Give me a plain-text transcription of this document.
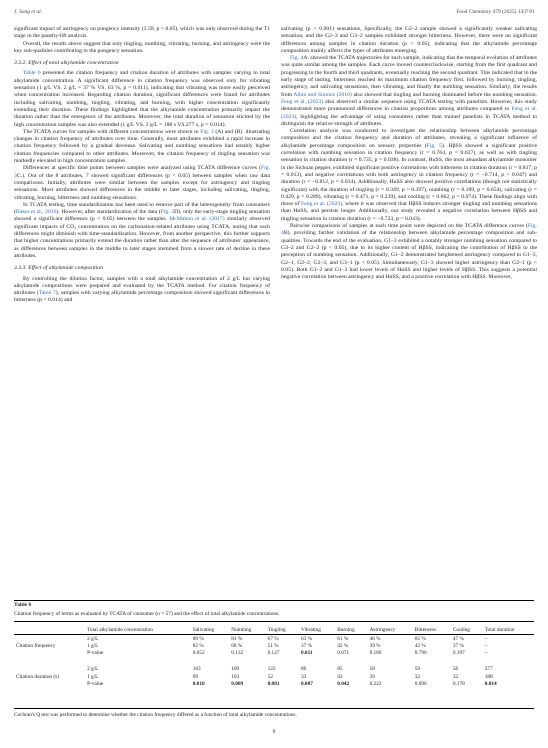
J. Song et al.	Food Chemistry 479 (2025) 143710

significant impact of astringency on pungency intensity (3.59, p < 0.05), which was only observed during the T1 stage in the panelty-lift analysis.

Overall, the results above suggest that only tingling, numbing, vibrating, burning, and astringency were the key sub-qualities contributing to the pungency sensation.

3.3.2. Effect of total alkylamide concentration

Table 6 presented the citation frequency and citation duration of attributes with samples varying in total alkylamide concentration. A significant difference in citation frequency was observed only for vibrating sensation (1 g/L VS. 2 g/L = 37 % VS. 63 %, p = 0.011), indicating that vibrating was more easily perceived when concentration increased. Regarding citation duration, significant differences were found for attributes including salivating, numbing, tingling, vibrating, and burning, with higher concentration significantly extending their duration. These findings highlighted that the alkylamide concentration primarily impact the duration rather than the emergence of the attributes. Moreover, the total duration of sensation elicited by the high concentration samples was also extended (1 g/L VS. 2 g/L = 188 s VS.277 s, p = 0.014).

The TCATA curves for samples with different concentrations were shown in Fig. 3 (A) and (B). illustrating changes in citation frequency of attributes over time. Generally, most attributes exhibited a rapid increase in citation frequency followed by a gradual decrease. Salivating and numbing sensations had notably higher citation frequencies compared to other attributes. Moreover, the citation frequency of tingling sensation was markedly elevated in high concentration samples.

Differences at specific time points between samples were analyzed using TCATA difference curves (Fig. 3C.). Out of the 8 attributes, 7 showed significant differences (p < 0.05) between samples when raw data comparisons. Initially, attributes were similar between the samples except for astringency and tingling sensations. Most attributes showed differences in the middle to later stages, including salivating, tingling, vibrating, burning, bitterness and numbing sensations.

In TCATA testing, time standardization has been used to remove part of the heterogeneity from consumers (Baker et al., 2016). However, after standardization of the data (Fig. 3D), only the early-stage tingling sensation showed a significant difference (p < 0.05) between the samples. McMahon et al. (2017) similarly observed significant impacts of CO₂ concentration on the carbonation-related attributes using TCATA, noting that such differences might diminish with time-standardization. However, from another perspective, this further supports that higher concentrations primarily extend the duration rather than alter the sequence of attributes' appearance, as differences between samples in the middle to later stages stemmed from a slower rate of decline in these attributes.

3.3.3. Effect of alkylamide composition

By controlling the dilution factor, samples with a total alkylamide concentration of 2 g/L but varying alkylamide compositions were prepared and evaluated by the TCATA method. For citation frequency of attributes (Table 7), samples with varying alkylamide percentage composition showed significant differences in bitterness (p = 0.014) and

salivating (p < 0.001) sensations, Specifically, the G2–2 sample showed a significantly weaker salivating sensation, and the G2–3 and G3–2 samples exhibited stronger bitterness. However, there were no significant differences among samples in citation duration (p > 0.05), indicating that the alkylamide percentage composition mainly affects the types of attributes emerging.

Fig. 4A. showed the TCATA trajectories for each sample, indicating that the temporal evolution of attributes was quite similar among the samples. Each curve moved counterclockwise, starting from the first quadrant and progressing to the fourth and third quadrants, eventually reaching the second quadrant. This indicated that in the early stage of tasting, bitterness reached its maximum citation frequency first, followed by burning, tingling, astringency, and salivating sensations, then vibrating, and finally the numbing sensation. Similarly, the results from Albin and Simons (2010) also showed that tingling and burning dominated before the numbing sensation. Feng et al. (2023) also observed a similar sequence using TCATA testing with panelists. However, this study demonstrated more pronounced differences in citation proportions among attributes compared to Feng et al. (2023), highlighting the advantage of using consumers rather than trained panelists in TCATA method to distinguish the relative strength of attributes.

Correlation analysis was conducted to investigate the relationship between alkylamide percentage composition and the citation frequency and duration of attributes, revealing a significant influence of alkylamide percentage composition on sensory properties (Fig. 5). HβSS showed a significant positive correlation with numbing sensation in citation frequency (r = 0.764, p = 0.027), as well as with tingling sensation in citation duration (r = 0.735, p = 0.038). In contrast, HαSS, the most abundant alkylamide monomer in the Sichuan pepper, exhibited significant positive correlations with bitterness in citation duration (r = 0.817, p = 0.013), and negative correlations with both astringency in citation frequency (r = −0.714, p = 0.047) and duration (r = −0.812, p = 0.014). Additionally, HαSS also showed positive correlations (though not statistically significant) with the duration of tingling (r = 0.349, p = 0.397), numbing (r = 0.189, p = 0.654), salivating (r = 0.429, p = 0.289), vibrating (r = 0.471, p = 0.239), and cooling (r = 0.662, p = 0.074). These findings align with those of Feng et al. (2023), where it was observed that HβSS induces stronger tingling and numbing sensations than HαSS, and persists longer. Additionally, our study revealed a negative correlation between HβSS and tingling sensation in citation duration (r = −0.723, p = 0.043).

Pairwise comparisons of samples at each time point were depicted on the TCATA difference curves (Fig. 4B), providing further validation of the relationship between alkylamide percentage composition and sub-qualities. Towards the end of the evaluation, G1–3 exhibited a notably stronger numbing sensation compared to G3–2 and G2–2 (p < 0.05), due to its higher content of HβSS, indicating the contribution of HβSS to the perception of numbing sensation. Additionally, G1–2 demonstrated heightened astringency compared to G1–3, G2–1, G2–2, G2–3, and G3–1 (p < 0.05). Simultaneously, G1–3 showed higher astringency than G2–1 (p < 0.05). Both G1–2 and G1–3 had lower levels of HαSS and higher levels of HβSS. This suggests a potential negative correlation between astringency and HαSS, and a positive correlation with HβSS. Moreover,

Table 6
Citation frequency of terms as evaluated by TCATA of consumer (n = 57) and the effect of total alkylamide concentrations.
	Total alkylamide concentration	Salivating	Numbing	Tingling	Vibrating	Burning	Astringency	Bitterness	Cooling	Total duration
Citation frequency	2 g/L	89 %	81 %	67 %	63 %	61 %	46 %	65 %	47 %	–
	1 g/L	82 %	68 %	51 %	37 %	42 %	39 %	42 %	37 %	–
	P-value	0.052	0.132	0.127	0.011	0.071	0.180	0.796	0.197	–

Citation duration (s)	2 g/L	163	169	122	86	85	58	59	56	277
	1 g/L	99	103	52	33	43	39	32	32	188
	P-value	0.010	0.009	0.001	0.007	0.042	0.222	0.096	0.178	0.014
Cochran's Q test was performed to determine whether the citation frequency differed as a function of total alkylamide concentrations.
9
